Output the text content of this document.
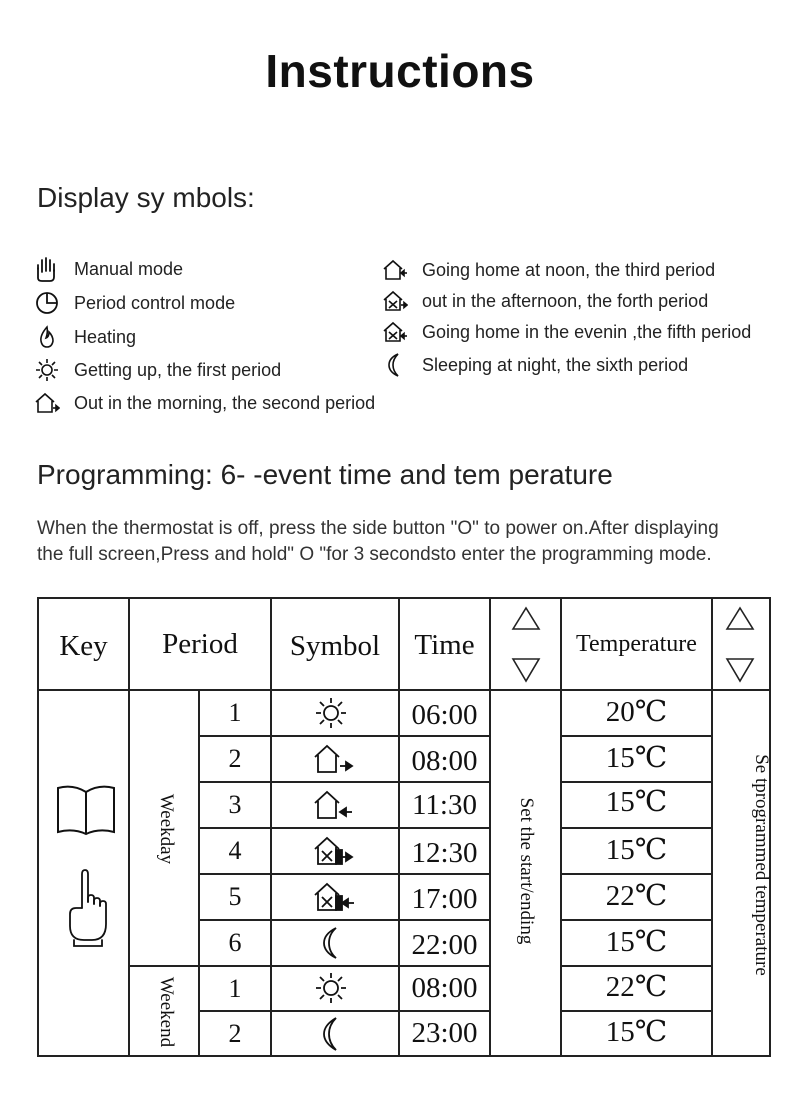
Instructions
Display sy mbols:
Manual mode
Period control mode
Heating
Getting up, the first period
Out in the morning, the second period
Going home at noon, the third period
out in the afternoon, the forth period
Going home in the evenin ,the fifth period
Sleeping at night, the sixth period
Programming: 6- -event time and tem perature
When the thermostat is off, press the side button "O" to power on.After displaying
the full screen,Press and hold" O "for 3 secondsto enter the programming mode.
Key	Period	Symbol	Time	Temperature
Weekday
Weekend
Set the start/ending	Se tprogrammed temperature
1	06:00	20℃
2	08:00	15℃
3	11:30	15℃
4	12:30	15℃
5	17:00	22℃
6	22:00	15℃
1	08:00	22℃
2	23:00	15℃
